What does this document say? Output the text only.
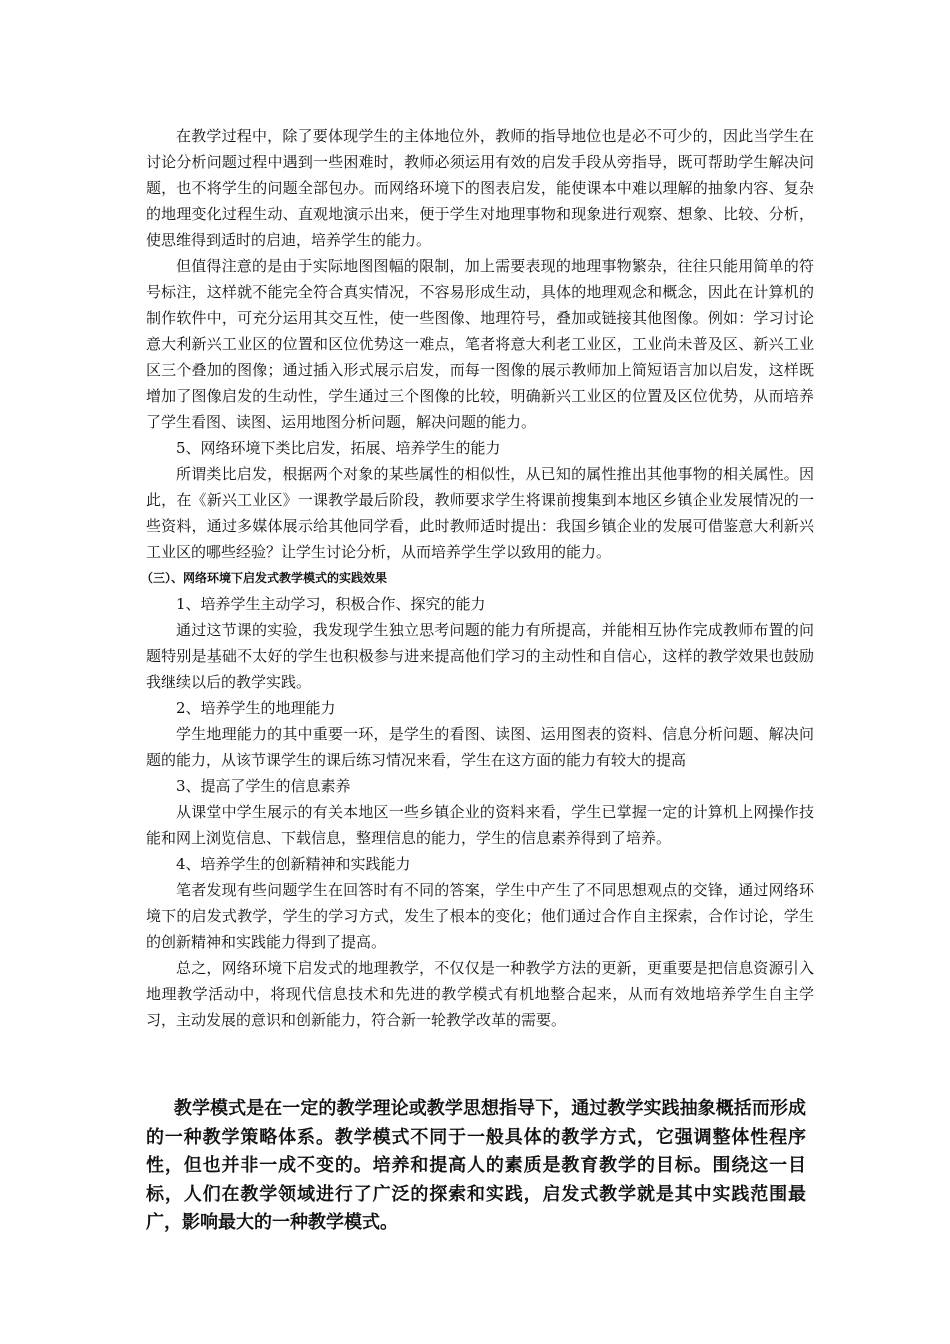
在教学过程中，除了要体现学生的主体地位外，教师的指导地位也是必不可少的，因此当学生在讨论分析问题过程中遇到一些困难时，教师必须运用有效的启发手段从旁指导，既可帮助学生解决问题，也不将学生的问题全部包办。而网络环境下的图表启发，能使课本中难以理解的抽象内容、复杂的地理变化过程生动、直观地演示出来，便于学生对地理事物和现象进行观察、想象、比较、分析，使思维得到适时的启迪，培养学生的能力。

但值得注意的是由于实际地图图幅的限制，加上需要表现的地理事物繁杂，往往只能用简单的符号标注，这样就不能完全符合真实情况，不容易形成生动，具体的地理观念和概念，因此在计算机的制作软件中，可充分运用其交互性，使一些图像、地理符号，叠加或链接其他图像。例如：学习讨论意大利新兴工业区的位置和区位优势这一难点，笔者将意大利老工业区，工业尚未普及区、新兴工业区三个叠加的图像；通过插入形式展示启发，而每一图像的展示教师加上简短语言加以启发，这样既增加了图像启发的生动性，学生通过三个图像的比较，明确新兴工业区的位置及区位优势，从而培养了学生看图、读图、运用地图分析问题，解决问题的能力。

5、网络环境下类比启发，拓展、培养学生的能力

所谓类比启发，根据两个对象的某些属性的相似性，从已知的属性推出其他事物的相关属性。因此，在《新兴工业区》一课教学最后阶段，教师要求学生将课前搜集到本地区乡镇企业发展情况的一些资料，通过多媒体展示给其他同学看，此时教师适时提出：我国乡镇企业的发展可借鉴意大利新兴工业区的哪些经验？让学生讨论分析，从而培养学生学以致用的能力。

（三）、网络环境下启发式教学模式的实践效果

1、培养学生主动学习，积极合作、探究的能力

通过这节课的实验，我发现学生独立思考问题的能力有所提高，并能相互协作完成教师布置的问题特别是基础不太好的学生也积极参与进来提高他们学习的主动性和自信心，这样的教学效果也鼓励我继续以后的教学实践。

2、培养学生的地理能力

学生地理能力的其中重要一环，是学生的看图、读图、运用图表的资料、信息分析问题、解决问题的能力，从该节课学生的课后练习情况来看，学生在这方面的能力有较大的提高

3、提高了学生的信息素养

从课堂中学生展示的有关本地区一些乡镇企业的资料来看，学生已掌握一定的计算机上网操作技能和网上浏览信息、下载信息，整理信息的能力，学生的信息素养得到了培养。

4、培养学生的创新精神和实践能力

笔者发现有些问题学生在回答时有不同的答案，学生中产生了不同思想观点的交锋，通过网络环境下的启发式教学，学生的学习方式，发生了根本的变化；他们通过合作自主探索，合作讨论，学生的创新精神和实践能力得到了提高。

总之，网络环境下启发式的地理教学，不仅仅是一种教学方法的更新，更重要是把信息资源引入地理教学活动中，将现代信息技术和先进的教学模式有机地整合起来，从而有效地培养学生自主学习，主动发展的意识和创新能力，符合新一轮教学改革的需要。

教学模式是在一定的教学理论或教学思想指导下，通过教学实践抽象概括而形成的一种教学策略体系。教学模式不同于一般具体的教学方式，它强调整体性程序性，但也并非一成不变的。培养和提高人的素质是教育教学的目标。围绕这一目标，人们在教学领域进行了广泛的探索和实践，启发式教学就是其中实践范围最广，影响最大的一种教学模式。
